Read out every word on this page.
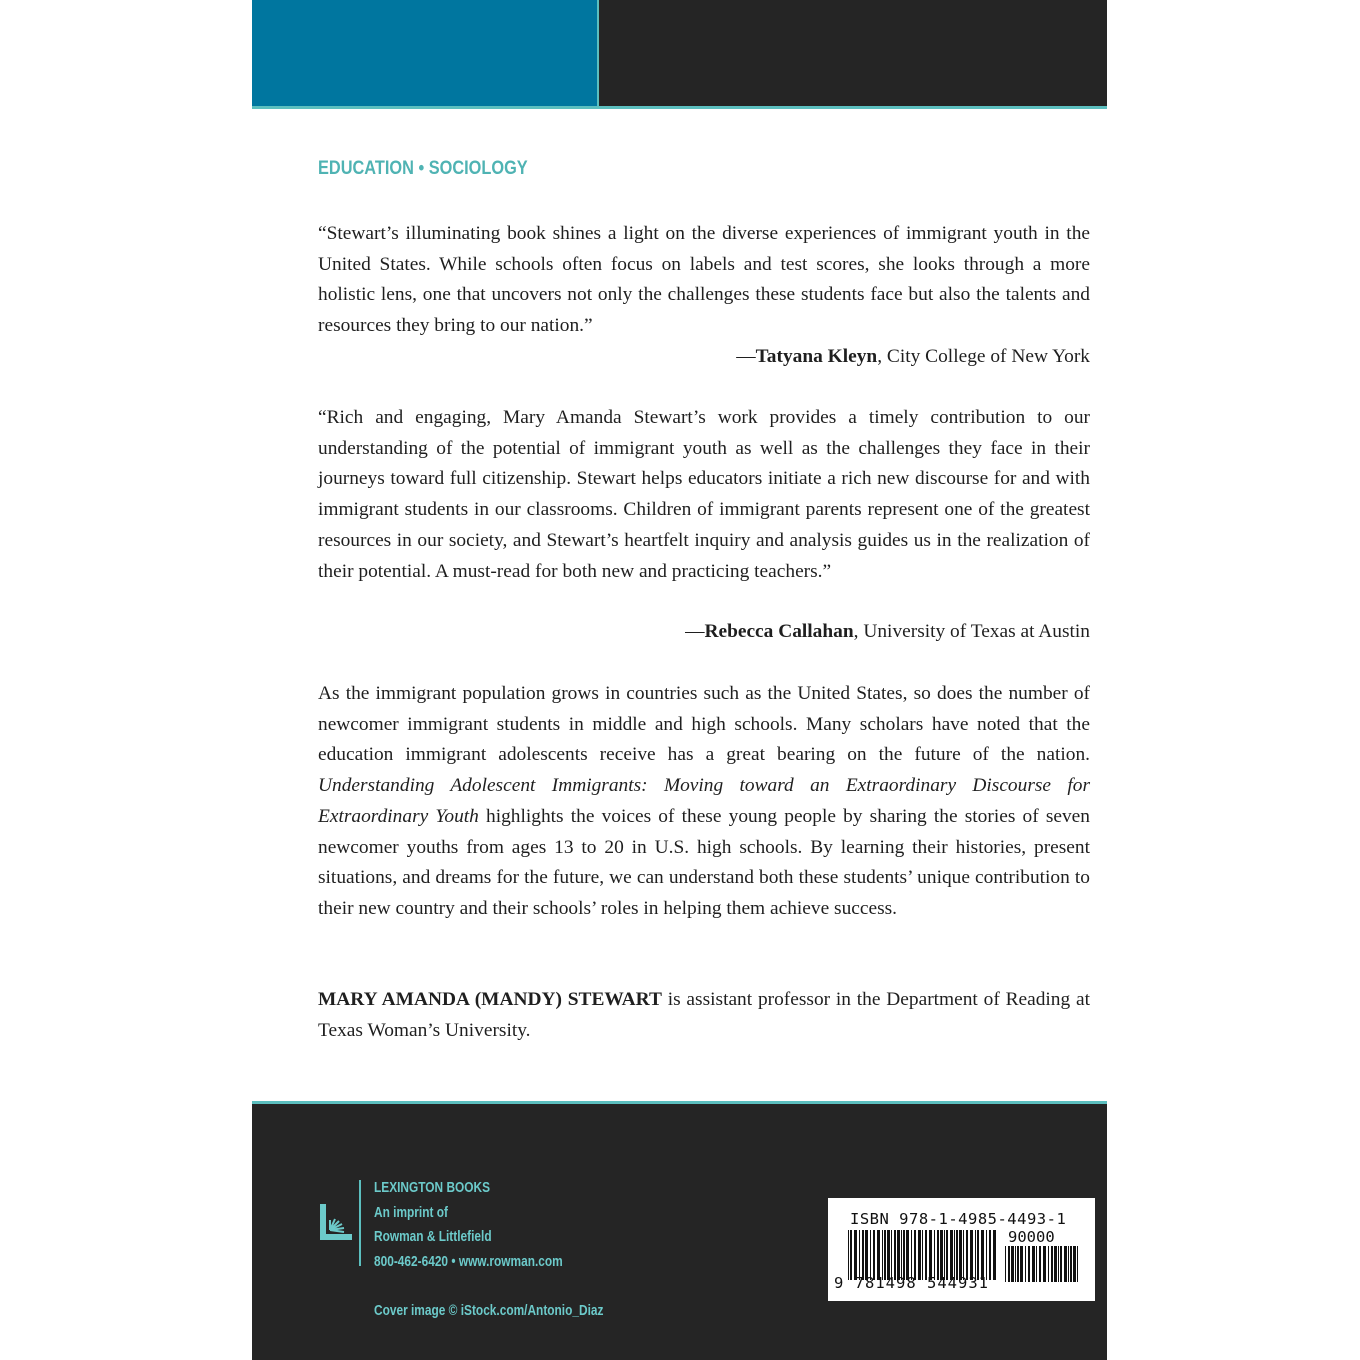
EDUCATION • SOCIOLOGY

“Stewart’s illuminating book shines a light on the diverse experiences of immigrant youth in the United States. While schools often focus on labels and test scores, she looks through a more holistic lens, one that uncovers not only the challenges these students face but also the talents and resources they bring to our nation.”

—Tatyana Kleyn, City College of New York

“Rich and engaging, Mary Amanda Stewart’s work provides a timely contribution to our understanding of the potential of immigrant youth as well as the challenges they face in their journeys toward full citizenship. Stewart helps educators initiate a rich new discourse for and with immigrant students in our classrooms. Children of immigrant parents represent one of the greatest resources in our society, and Stewart’s heartfelt inquiry and analysis guides us in the realization of their potential. A must-read for both new and practicing teachers.”

—Rebecca Callahan, University of Texas at Austin

As the immigrant population grows in countries such as the United States, so does the number of newcomer immigrant students in middle and high schools. Many scholars have noted that the education immigrant adolescents receive has a great bearing on the future of the nation. Understanding Adolescent Immigrants: Moving toward an Extraordinary Discourse for Extraordinary Youth highlights the voices of these young people by sharing the stories of seven newcomer youths from ages 13 to 20 in U.S. high schools. By learning their histories, present situations, and dreams for the future, we can understand both these students’ unique contribution to their new country and their schools’ roles in helping them achieve success.

MARY AMANDA (MANDY) STEWART is assistant professor in the Department of Reading at Texas Woman’s University.

LEXINGTON BOOKS
An imprint of
Rowman & Littlefield
800-462-6420 • www.rowman.com
Cover image © iStock.com/Antonio_Diaz
ISBN 978-1-4985-4493-1
90000
9 781498 544931
